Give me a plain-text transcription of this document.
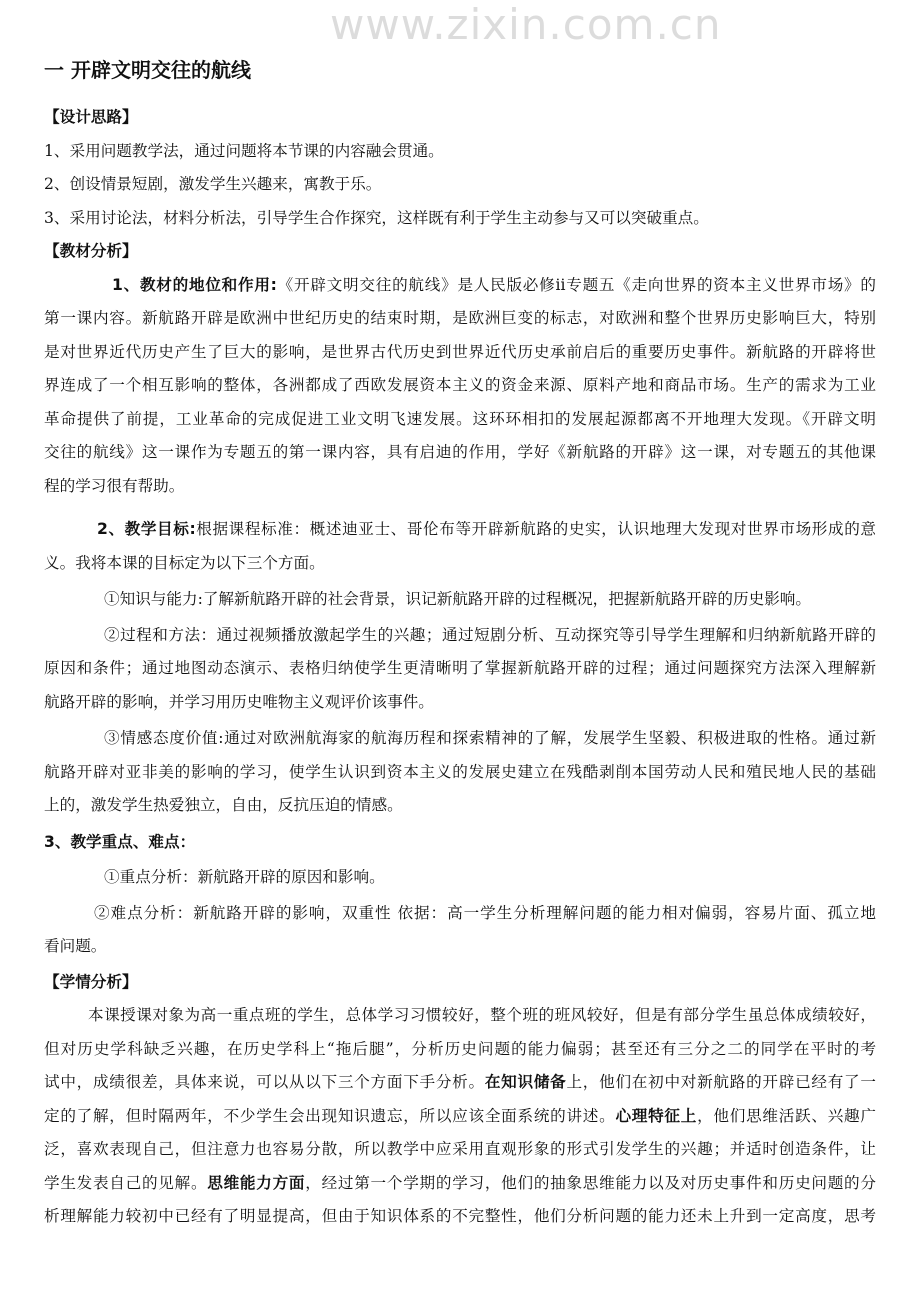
www.zixin.com.cn
一 开辟文明交往的航线
【设计思路】
1、采用问题教学法，通过问题将本节课的内容融会贯通。
2、创设情景短剧，激发学生兴趣来，寓教于乐。
3、采用讨论法，材料分析法，引导学生合作探究，这样既有利于学生主动参与又可以突破重点。
【教材分析】
1、教材的地位和作用:《开辟文明交往的航线》是人民版必修ⅱ专题五《走向世界的资本主义世界市场》的
第一课内容。新航路开辟是欧洲中世纪历史的结束时期，是欧洲巨变的标志，对欧洲和整个世界历史影响巨大，特别
是对世界近代历史产生了巨大的影响，是世界古代历史到世界近代历史承前启后的重要历史事件。新航路的开辟将世
界连成了一个相互影响的整体，各洲都成了西欧发展资本主义的资金来源、原料产地和商品市场。生产的需求为工业
革命提供了前提，工业革命的完成促进工业文明飞速发展。这环环相扣的发展起源都离不开地理大发现。《开辟文明
交往的航线》这一课作为专题五的第一课内容，具有启迪的作用，学好《新航路的开辟》这一课，对专题五的其他课
程的学习很有帮助。
2、教学目标:根据课程标准：概述迪亚士、哥伦布等开辟新航路的史实，认识地理大发现对世界市场形成的意
义。我将本课的目标定为以下三个方面。
①知识与能力:了解新航路开辟的社会背景，识记新航路开辟的过程概况，把握新航路开辟的历史影响。
②过程和方法：通过视频播放激起学生的兴趣；通过短剧分析、互动探究等引导学生理解和归纳新航路开辟的
原因和条件；通过地图动态演示、表格归纳使学生更清晰明了掌握新航路开辟的过程；通过问题探究方法深入理解新
航路开辟的影响，并学习用历史唯物主义观评价该事件。
③情感态度价值:通过对欧洲航海家的航海历程和探索精神的了解，发展学生坚毅、积极进取的性格。通过新
航路开辟对亚非美的影响的学习，使学生认识到资本主义的发展史建立在残酷剥削本国劳动人民和殖民地人民的基础
上的，激发学生热爱独立，自由，反抗压迫的情感。
3、教学重点、难点：
①重点分析：新航路开辟的原因和影响。
②难点分析：新航路开辟的影响，双重性 依据：高一学生分析理解问题的能力相对偏弱，容易片面、孤立地
看问题。
【学情分析】
本课授课对象为高一重点班的学生，总体学习习惯较好，整个班的班风较好，但是有部分学生虽总体成绩较好，
但对历史学科缺乏兴趣，在历史学科上“拖后腿”，分析历史问题的能力偏弱；甚至还有三分之二的同学在平时的考
试中，成绩很差，具体来说，可以从以下三个方面下手分析。在知识储备上，他们在初中对新航路的开辟已经有了一
定的了解，但时隔两年，不少学生会出现知识遗忘，所以应该全面系统的讲述。心理特征上，他们思维活跃、兴趣广
泛，喜欢表现自己，但注意力也容易分散，所以教学中应采用直观形象的形式引发学生的兴趣；并适时创造条件，让
学生发表自己的见解。思维能力方面，经过第一个学期的学习，他们的抽象思维能力以及对历史事件和历史问题的分
析理解能力较初中已经有了明显提高，但由于知识体系的不完整性，他们分析问题的能力还未上升到一定高度，思考
